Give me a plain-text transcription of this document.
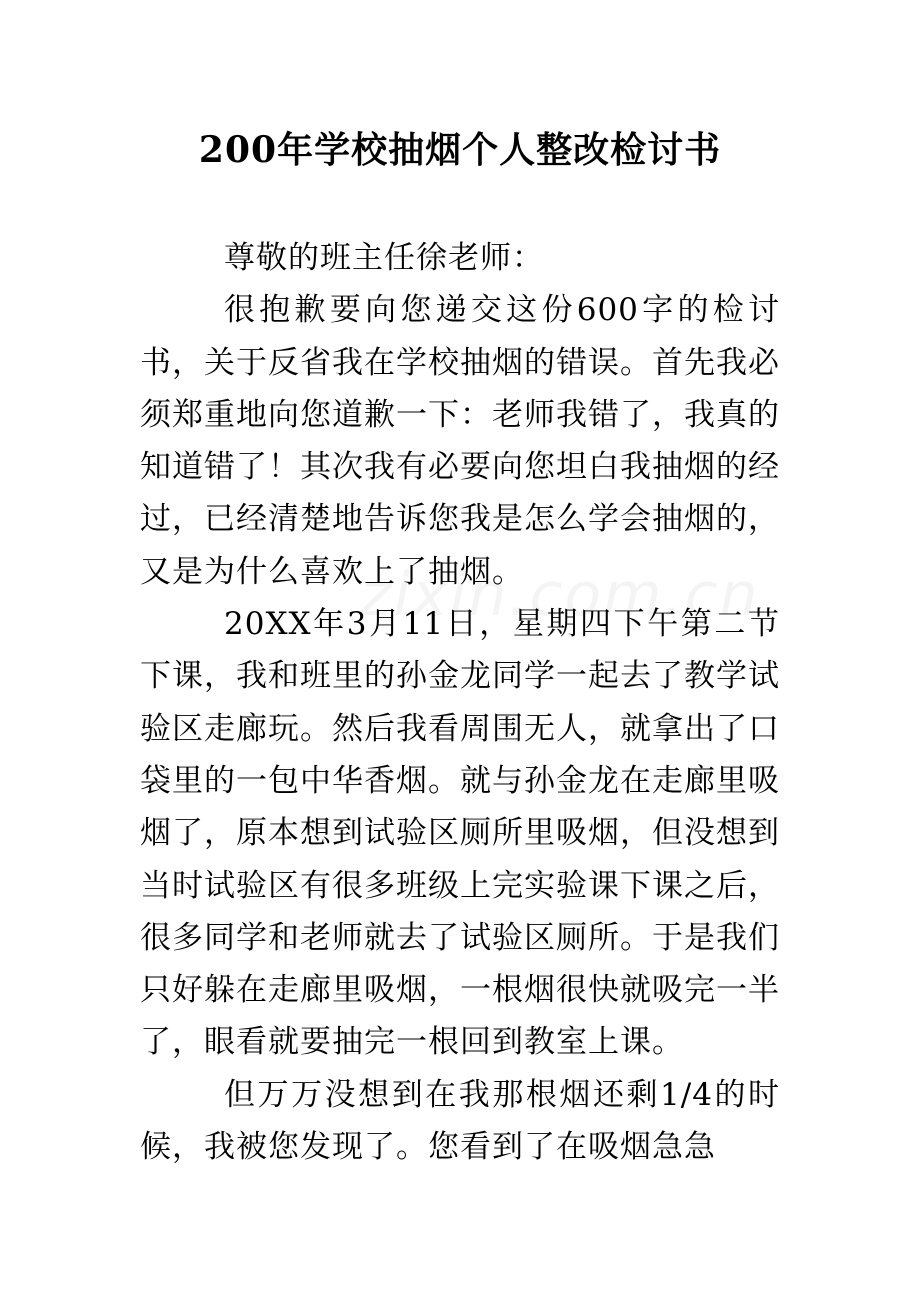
200年学校抽烟个人整改检讨书

尊敬的班主任徐老师：

很抱歉要向您递交这份600字的检讨书，关于反省我在学校抽烟的错误。首先我必须郑重地向您道歉一下：老师我错了，我真的知道错了！其次我有必要向您坦白我抽烟的经过，已经清楚地告诉您我是怎么学会抽烟的，又是为什么喜欢上了抽烟。

20XX年3月11日，星期四下午第二节下课，我和班里的孙金龙同学一起去了教学试验区走廊玩。然后我看周围无人，就拿出了口袋里的一包中华香烟。就与孙金龙在走廊里吸烟了，原本想到试验区厕所里吸烟，但没想到当时试验区有很多班级上完实验课下课之后，很多同学和老师就去了试验区厕所。于是我们只好躲在走廊里吸烟，一根烟很快就吸完一半了，眼看就要抽完一根回到教室上课。

但万万没想到在我那根烟还剩1/4的时候，我被您发现了。您看到了在吸烟急急
